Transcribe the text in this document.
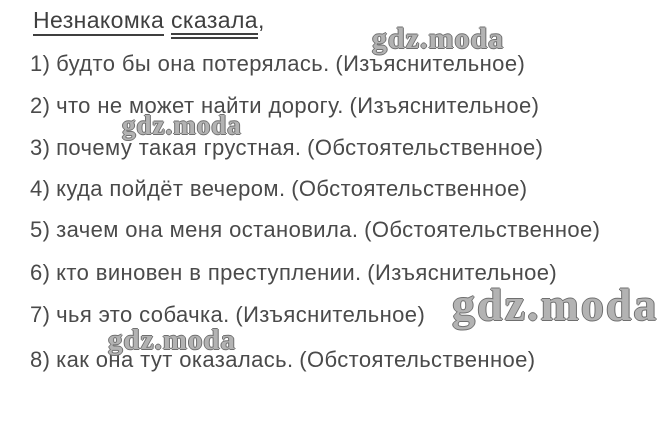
Незнакомка сказала,
1) будто бы она потерялась. (Изъяснительное)
2) что не может найти дорогу. (Изъяснительное)
3) почему такая грустная. (Обстоятельственное)
4) куда пойдёт вечером. (Обстоятельственное)
5) зачем она меня остановила. (Обстоятельственное)
6) кто виновен в преступлении. (Изъяснительное)
7) чья это собачка. (Изъяснительное)
8) как она тут оказалась. (Обстоятельственное)
gdz.moda
gdz.moda
gdz.moda
gdz.moda
